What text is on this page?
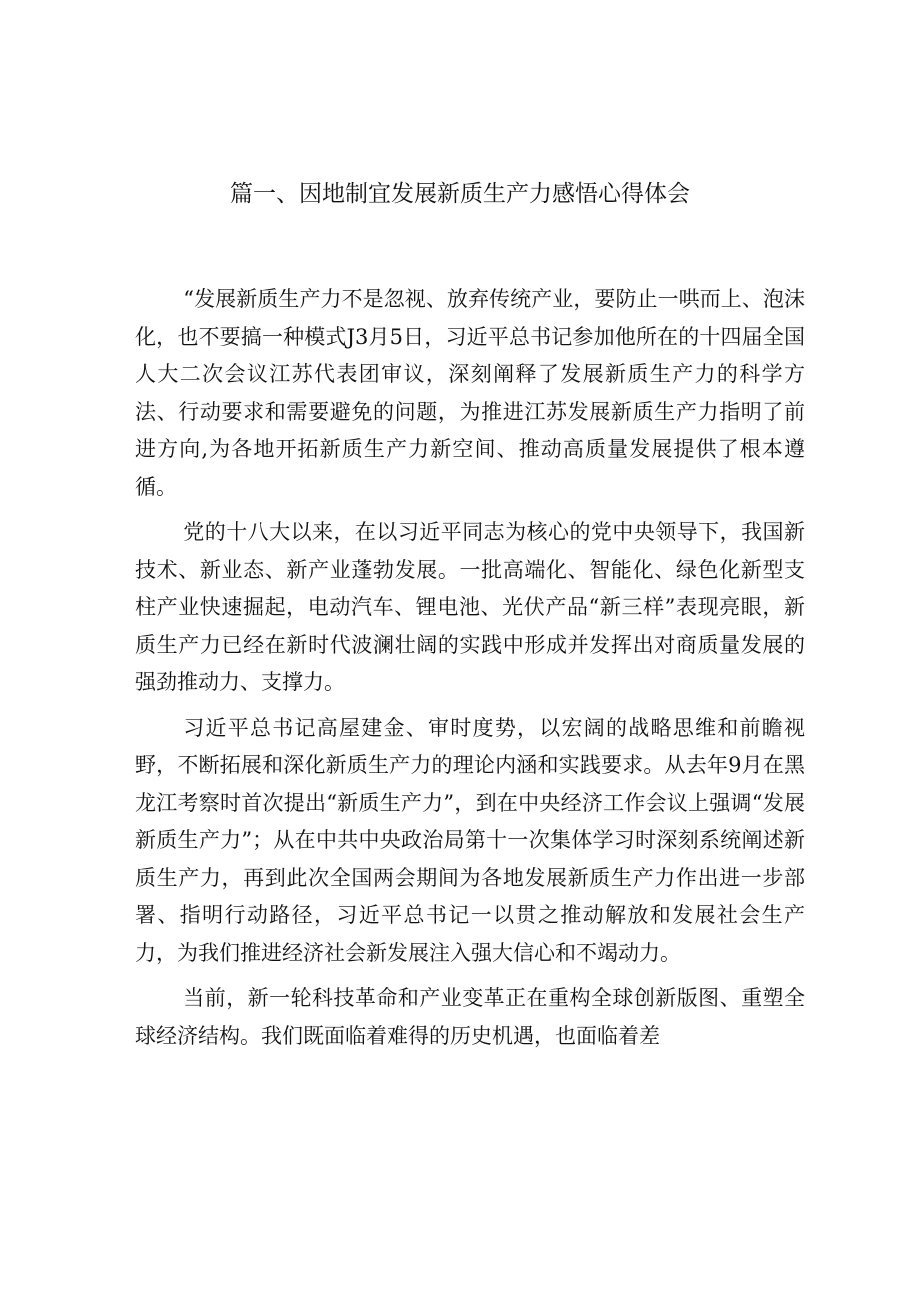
篇一、因地制宜发展新质生产力感悟心得体会

“发展新质生产力不是忽视、放弃传统产业，要防止一哄而上、泡沫化，也不要搞一种模式J3月5日，习近平总书记参加他所在的十四届全国人大二次会议江苏代表团审议，深刻阐释了发展新质生产力的科学方法、行动要求和需要避免的问题，为推进江苏发展新质生产力指明了前进方向,为各地开拓新质生产力新空间、推动高质量发展提供了根本遵循。

党的十八大以来，在以习近平同志为核心的党中央领导下，我国新技术、新业态、新产业蓬勃发展。一批高端化、智能化、绿色化新型支柱产业快速掘起，电动汽车、锂电池、光伏产品“新三样”表现亮眼，新质生产力已经在新时代波澜壮阔的实践中形成并发挥出对商质量发展的强劲推动力、支撑力。

习近平总书记高屋建金、审时度势，以宏阔的战略思维和前瞻视野，不断拓展和深化新质生产力的理论内涵和实践要求。从去年9月在黑龙江考察时首次提出“新质生产力”，到在中央经济工作会议上强调“发展新质生产力”；从在中共中央政治局第十一次集体学习时深刻系统阐述新质生产力，再到此次全国两会期间为各地发展新质生产力作出进一步部署、指明行动路径，习近平总书记一以贯之推动解放和发展社会生产力，为我们推进经济社会新发展注入强大信心和不竭动力。

当前，新一轮科技革命和产业变革正在重构全球创新版图、重塑全球经济结构。我们既面临着难得的历史机遇，也面临着差
